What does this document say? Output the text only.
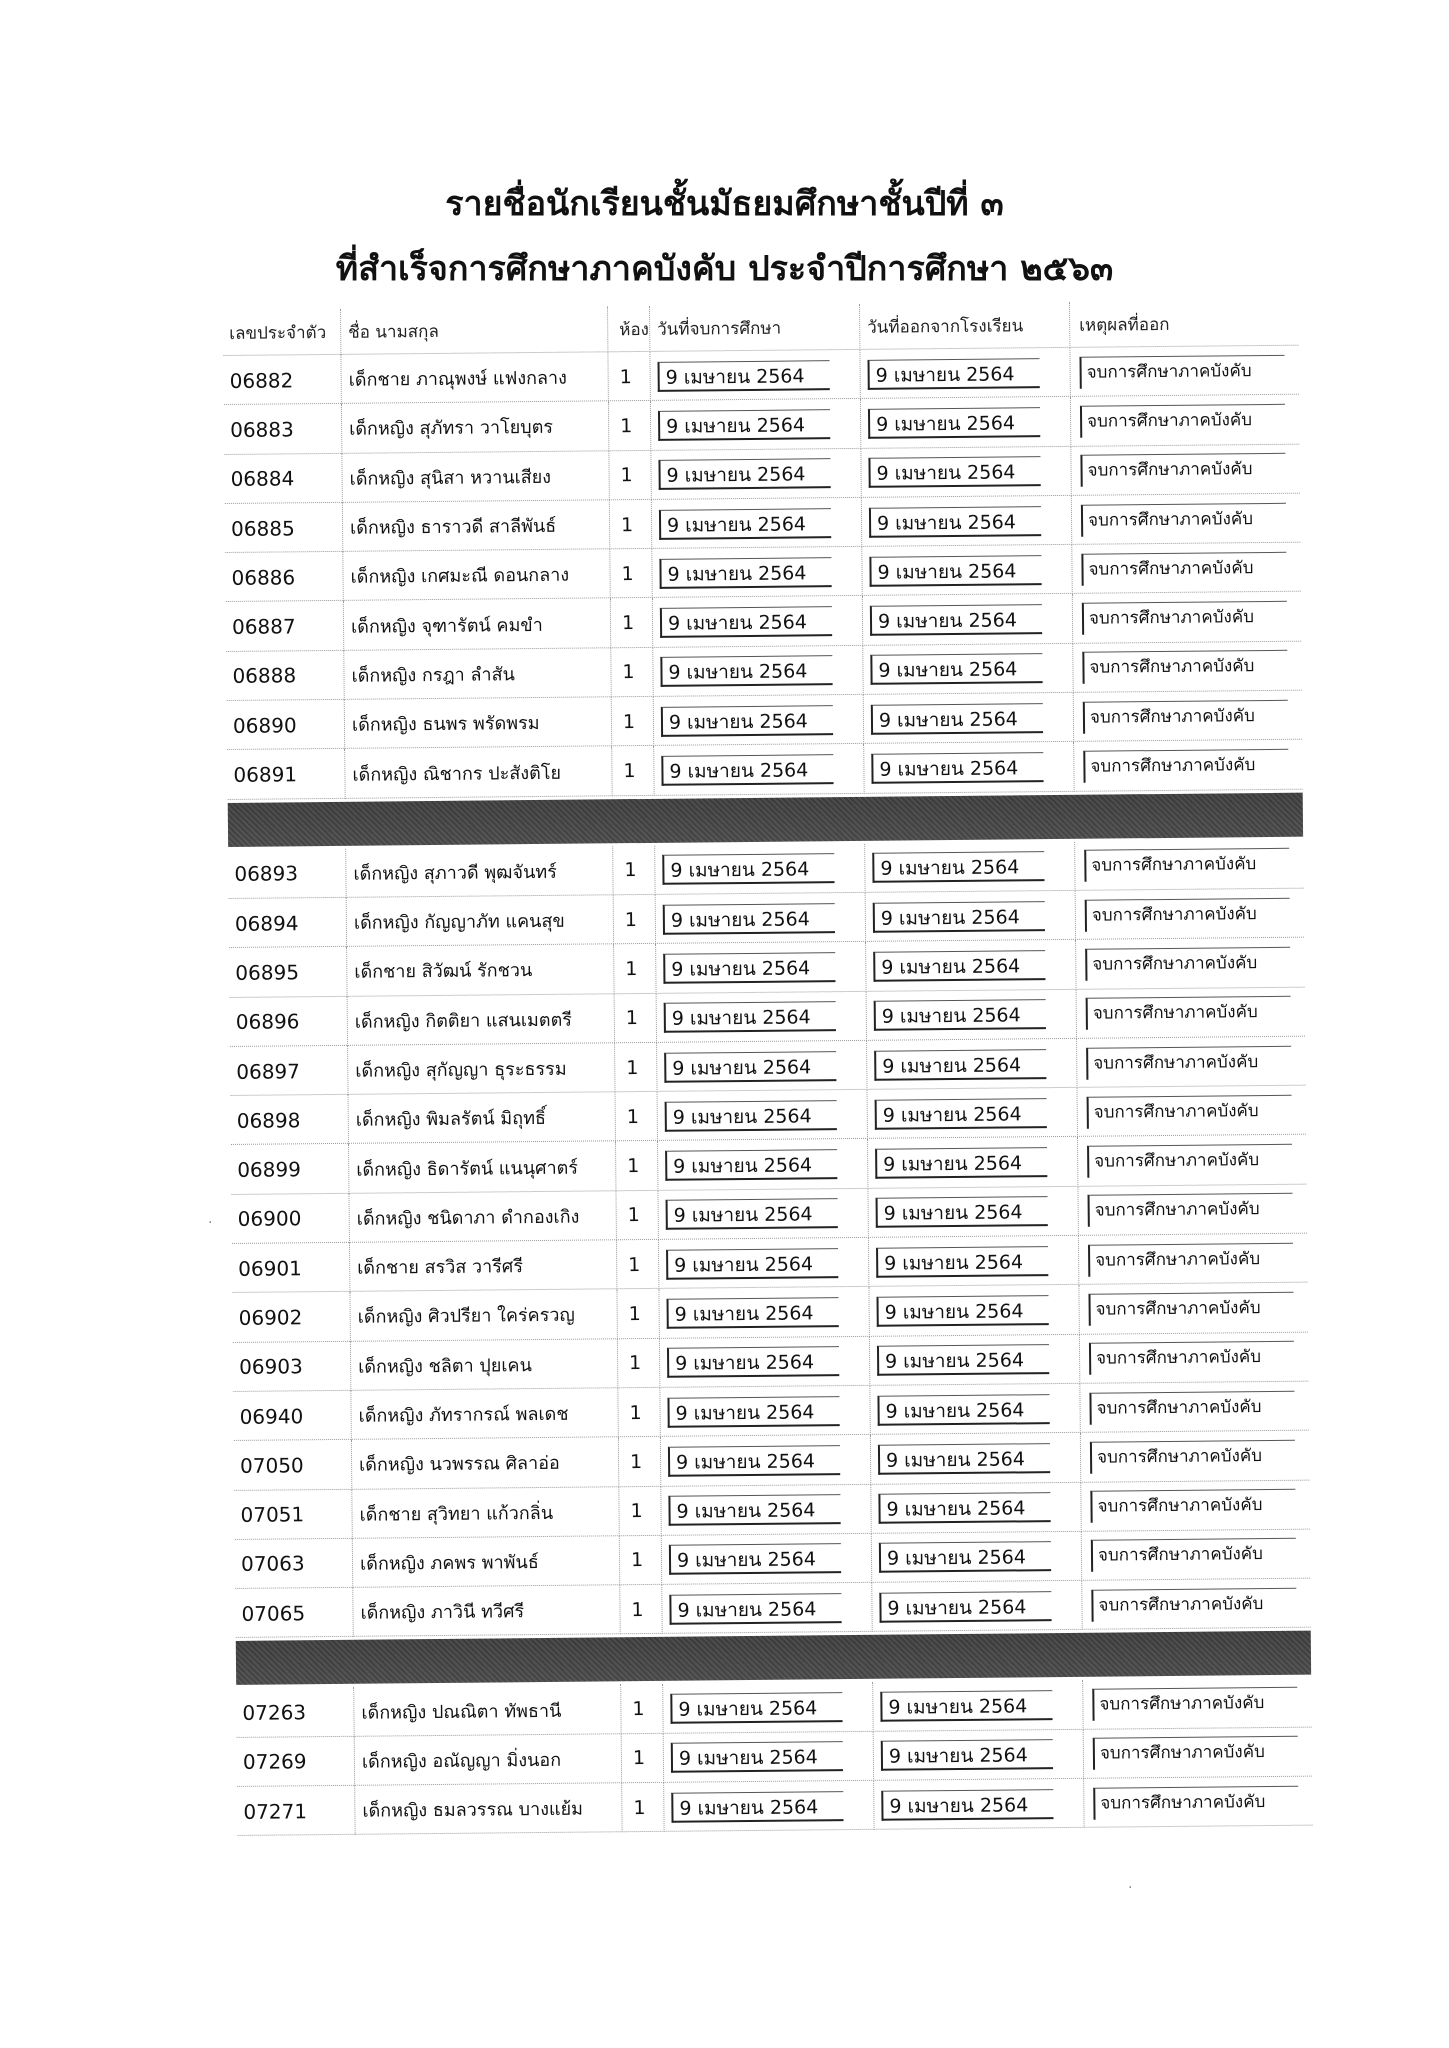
รายชื่อนักเรียนชั้นมัธยมศึกษาชั้นปีที่ ๓
ที่สำเร็จการศึกษาภาคบังคับ ประจำปีการศึกษา ๒๕๖๓
เลขประจำตัว	ชื่อ นามสกุล	ห้อง วันที่จบการศึกษา	วันที่ออกจากโรงเรียน	เหตุผลที่ออก
06882	เด็กชาย ภาณุพงษ์ แฟงกลาง	1	9 เมษายน 2564	9 เมษายน 2564	จบการศึกษาภาคบังคับ
06883	เด็กหญิง สุภัทรา วาโยบุตร	1	9 เมษายน 2564	9 เมษายน 2564	จบการศึกษาภาคบังคับ
06884	เด็กหญิง สุนิสา หวานเสียง	1	9 เมษายน 2564	9 เมษายน 2564	จบการศึกษาภาคบังคับ
06885	เด็กหญิง ธาราวดี สาลีพันธ์	1	9 เมษายน 2564	9 เมษายน 2564	จบการศึกษาภาคบังคับ
06886	เด็กหญิง เกศมะณี ดอนกลาง	1	9 เมษายน 2564	9 เมษายน 2564	จบการศึกษาภาคบังคับ
06887	เด็กหญิง จุฑารัตน์ คมขำ	1	9 เมษายน 2564	9 เมษายน 2564	จบการศึกษาภาคบังคับ
06888	เด็กหญิง กรฎา ลำสัน	1	9 เมษายน 2564	9 เมษายน 2564	จบการศึกษาภาคบังคับ
06890	เด็กหญิง ธนพร พรัดพรม	1	9 เมษายน 2564	9 เมษายน 2564	จบการศึกษาภาคบังคับ
06891	เด็กหญิง ณิชากร ปะสังติโย	1	9 เมษายน 2564	9 เมษายน 2564	จบการศึกษาภาคบังคับ
06893	เด็กหญิง สุภาวดี พุฒจันทร์	1	9 เมษายน 2564	9 เมษายน 2564	จบการศึกษาภาคบังคับ
06894	เด็กหญิง กัญญาภัท แคนสุข	1	9 เมษายน 2564	9 เมษายน 2564	จบการศึกษาภาคบังคับ
06895	เด็กชาย สิวัฒน์ รักชวน	1	9 เมษายน 2564	9 เมษายน 2564	จบการศึกษาภาคบังคับ
06896	เด็กหญิง กิตติยา แสนเมตตรี	1	9 เมษายน 2564	9 เมษายน 2564	จบการศึกษาภาคบังคับ
06897	เด็กหญิง สุกัญญา ธุระธรรม	1	9 เมษายน 2564	9 เมษายน 2564	จบการศึกษาภาคบังคับ
06898	เด็กหญิง พิมลรัตน์ มิถุทธิ์	1	9 เมษายน 2564	9 เมษายน 2564	จบการศึกษาภาคบังคับ
06899	เด็กหญิง ธิดารัตน์ แนนุศาตร์	1	9 เมษายน 2564	9 เมษายน 2564	จบการศึกษาภาคบังคับ
06900	เด็กหญิง ชนิดาภา ดำกองเกิง	1	9 เมษายน 2564	9 เมษายน 2564	จบการศึกษาภาคบังคับ
06901	เด็กชาย สรวิส วารีศรี	1	9 เมษายน 2564	9 เมษายน 2564	จบการศึกษาภาคบังคับ
06902	เด็กหญิง ศิวปรียา ใคร่ครวญ	1	9 เมษายน 2564	9 เมษายน 2564	จบการศึกษาภาคบังคับ
06903	เด็กหญิง ชลิตา ปุยเคน	1	9 เมษายน 2564	9 เมษายน 2564	จบการศึกษาภาคบังคับ
06940	เด็กหญิง ภัทรากรณ์ พลเดช	1	9 เมษายน 2564	9 เมษายน 2564	จบการศึกษาภาคบังคับ
07050	เด็กหญิง นวพรรณ ศิลาอ่อ	1	9 เมษายน 2564	9 เมษายน 2564	จบการศึกษาภาคบังคับ
07051	เด็กชาย สุวิทยา แก้วกลิ่น	1	9 เมษายน 2564	9 เมษายน 2564	จบการศึกษาภาคบังคับ
07063	เด็กหญิง ภคพร พาพันธ์	1	9 เมษายน 2564	9 เมษายน 2564	จบการศึกษาภาคบังคับ
07065	เด็กหญิง ภาวินี ทวีศรี	1	9 เมษายน 2564	9 เมษายน 2564	จบการศึกษาภาคบังคับ
07263	เด็กหญิง ปณณิตา ทัพธานี	1	9 เมษายน 2564	9 เมษายน 2564	จบการศึกษาภาคบังคับ
07269	เด็กหญิง อณัญญา มิ่งนอก	1	9 เมษายน 2564	9 เมษายน 2564	จบการศึกษาภาคบังคับ
07271	เด็กหญิง ธมลวรรณ บางแย้ม	1	9 เมษายน 2564	9 เมษายน 2564	จบการศึกษาภาคบังคับ
·
·
